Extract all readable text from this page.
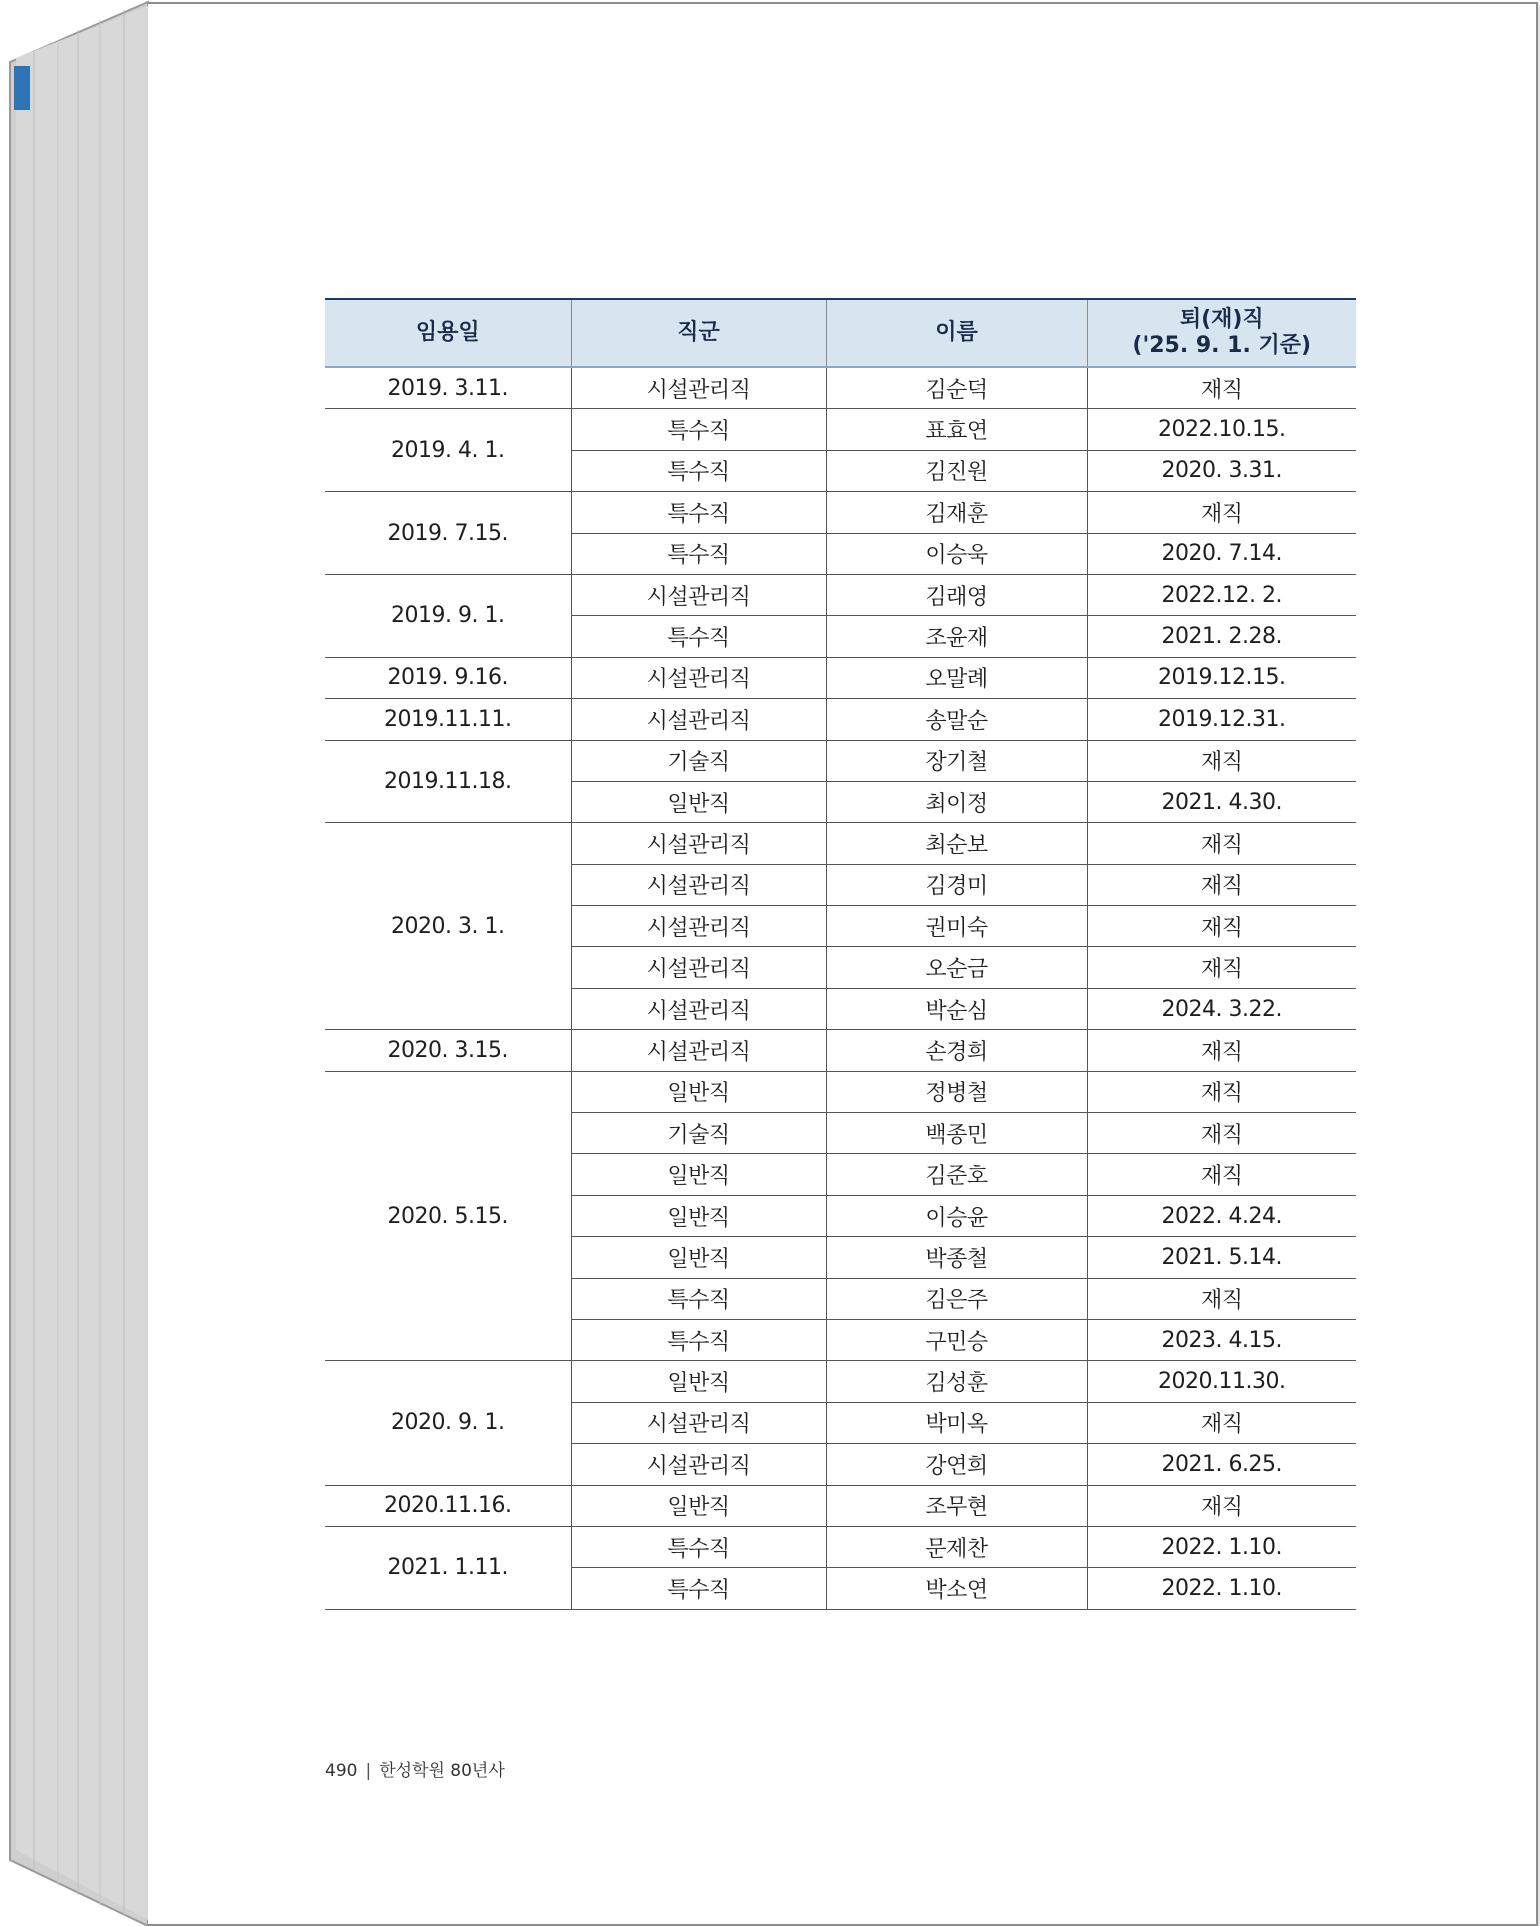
임용일	직군	이름	퇴(재)직
('25. 9. 1. 기준)

2019. 3.11.	시설관리직	김순덕	재직
2019. 4. 1.	특수직	표효연	2022.10.15.
	특수직	김진원	2020. 3.31.
2019. 7.15.	특수직	김재훈	재직
	특수직	이승욱	2020. 7.14.
2019. 9. 1.	시설관리직	김래영	2022.12. 2.
	특수직	조윤재	2021. 2.28.
2019. 9.16.	시설관리직	오말례	2019.12.15.
2019.11.11.	시설관리직	송말순	2019.12.31.
2019.11.18.	기술직	장기철	재직
	일반직	최이정	2021. 4.30.
2020. 3. 1.	시설관리직	최순보	재직
	시설관리직	김경미	재직
	시설관리직	권미숙	재직
	시설관리직	오순금	재직
	시설관리직	박순심	2024. 3.22.
2020. 3.15.	시설관리직	손경희	재직
2020. 5.15.	일반직	정병철	재직
	기술직	백종민	재직
	일반직	김준호	재직
	일반직	이승윤	2022. 4.24.
	일반직	박종철	2021. 5.14.
	특수직	김은주	재직
	특수직	구민승	2023. 4.15.
2020. 9. 1.	일반직	김성훈	2020.11.30.
	시설관리직	박미옥	재직
	시설관리직	강연희	2021. 6.25.
2020.11.16.	일반직	조무현	재직
2021. 1.11.	특수직	문제찬	2022. 1.10.
	특수직	박소연	2022. 1.10.
490 | 한성학원 80년사
